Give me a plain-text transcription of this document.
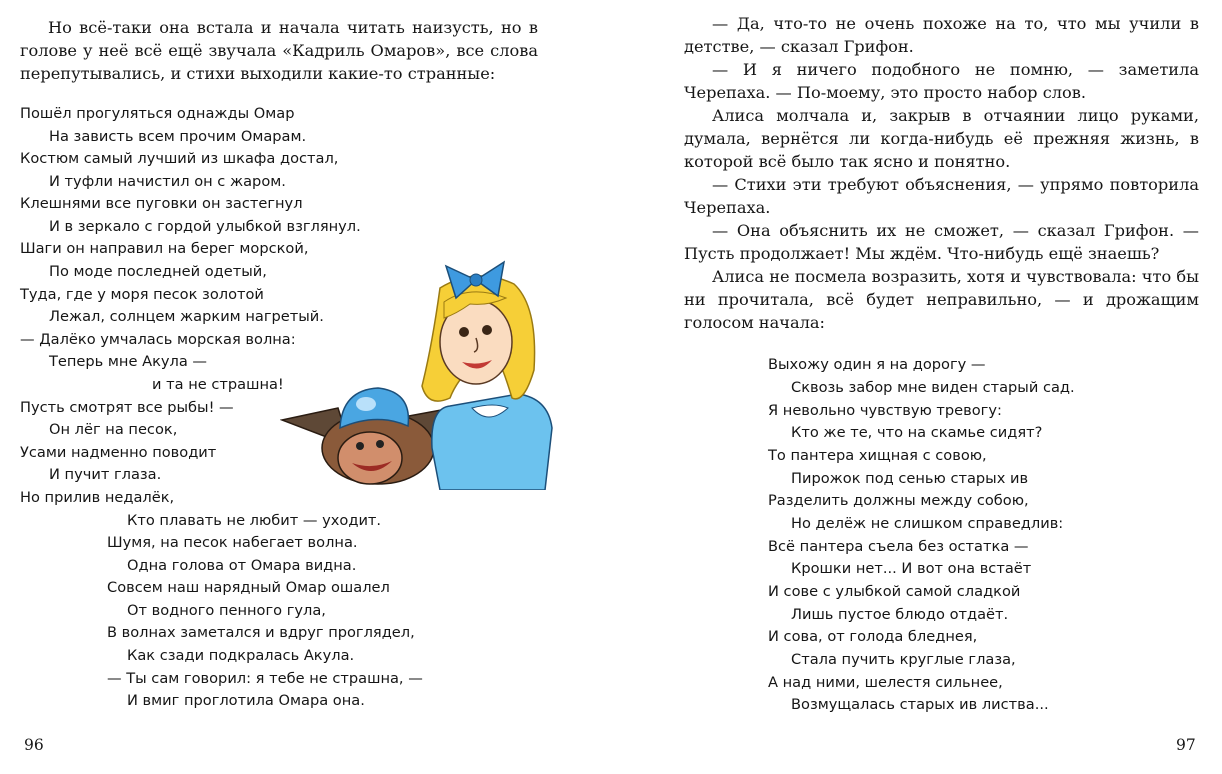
Но всё-таки она встала и начала читать наизусть, но в голове у неё всё ещё звучала «Кадриль Омаров», все слова перепутывались, и стихи выходили какие-то странные:

Пошёл прогуляться однажды Омар

На зависть всем прочим Омарам.

Костюм самый лучший из шкафа достал,

И туфли начистил он с жаром.

Клешнями все пуговки он застегнул

И в зеркало с гордой улыбкой взглянул.

Шаги он направил на берег морской,

По моде последней одетый,

Туда, где у моря песок золотой

Лежал, солнцем жарким нагретый.

— Далёко умчалась морская волна:

Теперь мне Акула —

и та не страшна!

Пусть смотрят все рыбы! —

Он лёг на песок,

Усами надменно поводит

И пучит глаза.

Но прилив недалёк,

Кто плавать не любит — уходит.

Шумя, на песок набегает волна.

Одна голова от Омара видна.

Совсем наш нарядный Омар ошалел

От водного пенного гула,

В волнах заметался и вдруг проглядел,

Как сзади подкралась Акула.

— Ты сам говорил: я тебе не страшна, —

И вмиг проглотила Омара она.

96

— Да, что-то не очень похоже на то, что мы учили в детстве, — сказал Грифон.

— И я ничего подобного не помню, — заметила Черепаха. — По-моему, это просто набор слов.

Алиса молчала и, закрыв в отчаянии лицо руками, думала, вернётся ли когда-нибудь её прежняя жизнь, в которой всё было так ясно и понятно.

— Стихи эти требуют объяснения, — упрямо повторила Черепаха.

— Она объяснить их не сможет, — сказал Грифон. — Пусть продолжает! Мы ждём. Что-нибудь ещё знаешь?

Алиса не посмела возразить, хотя и чувствовала: что бы ни прочитала, всё будет неправильно, — и дрожащим голосом начала:

Выхожу один я на дорогу —

Сквозь забор мне виден старый сад.

Я невольно чувствую тревогу:

Кто же те, что на скамье сидят?

То пантера хищная с совою,

Пирожок под сенью старых ив

Разделить должны между собою,

Но делёж не слишком справедлив:

Всё пантера съела без остатка —

Крошки нет... И вот она встаёт

И сове с улыбкой самой сладкой

Лишь пустое блюдо отдаёт.

И сова, от голода бледнея,

Стала пучить круглые глаза,

А над ними, шелестя сильнее,

Возмущалась старых ив листва...

97
